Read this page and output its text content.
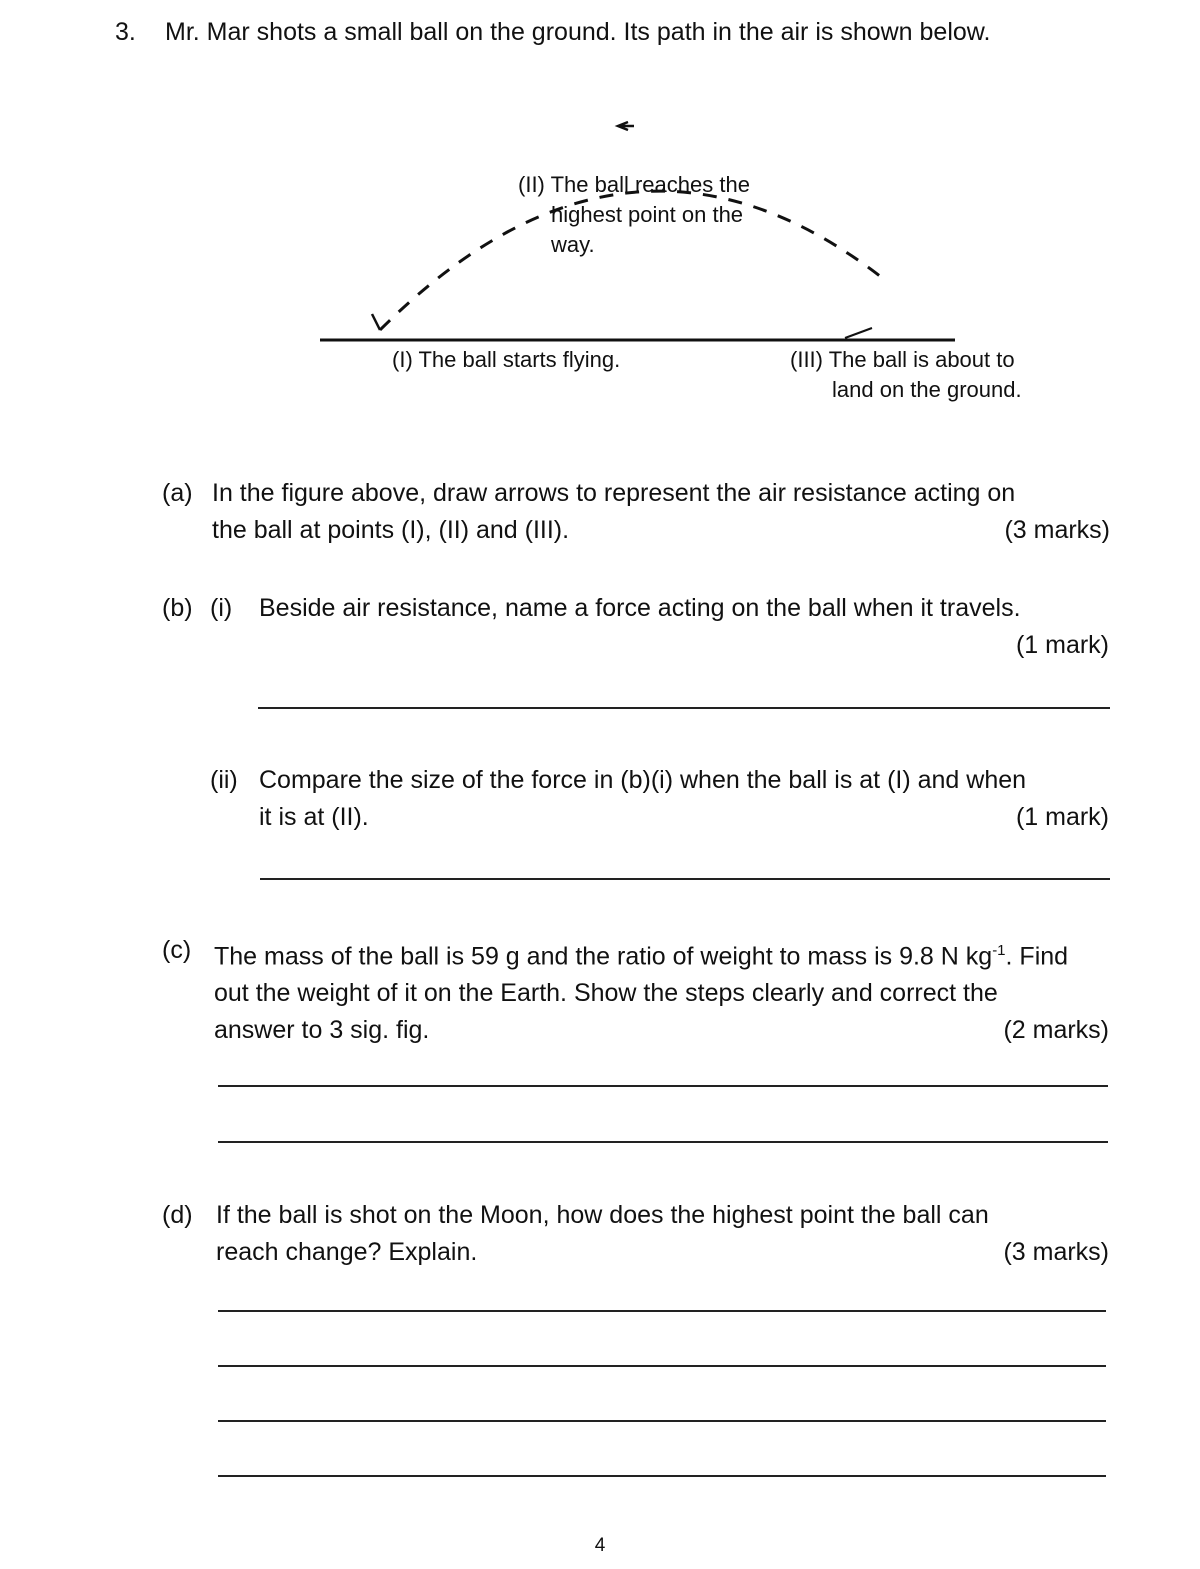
3. Mr. Mar shots a small ball on the ground. Its path in the air is shown below.
(II) The ball reaches the
highest point on the
way.
(I) The ball starts flying.	(III) The ball is about to
land on the ground.
(a) In the figure above, draw arrows to represent the air resistance acting on
the ball at points (I), (II) and (III).	(3 marks)
(b) (i) Beside air resistance, name a force acting on the ball when it travels.
(1 mark)
(ii) Compare the size of the force in (b)(i) when the ball is at (I) and when
it is at (II).	(1 mark)
(c) The mass of the ball is 59 g and the ratio of weight to mass is 9.8 N $kg^{-1}$. Find
out the weight of it on the Earth. Show the steps clearly and correct the
answer to 3 sig. fig.	(2 marks)
(d) If the ball is shot on the Moon, how does the highest point the ball can
reach change? Explain.	(3 marks)
4
